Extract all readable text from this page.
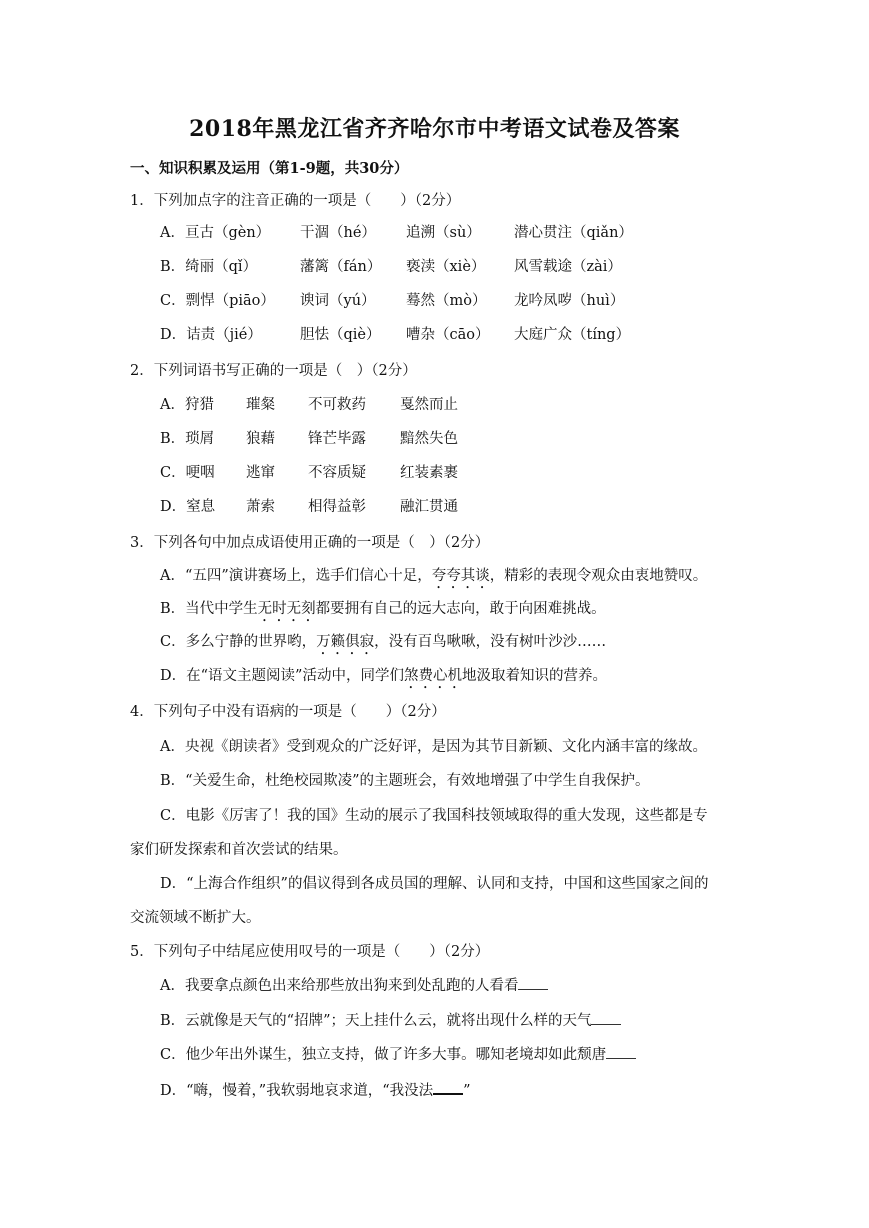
2018年黑龙江省齐齐哈尔市中考语文试卷及答案
一、知识积累及运用（第1-9题，共30分）
1．下列加点字的注音正确的一项是（　　）（2分）
A．亘古（gèn） 干涸（hé） 追溯（sù） 潜心贯注（qiǎn）
B．绮丽（qǐ）	藩篱（fán） 亵渎（xiè） 风雪载途（zài）
C．剽悍（piāo） 谀词（yú） 蓦然（mò） 龙吟凤哕（huì）
D．诘责（jié）	胆怯（qiè） 嘈杂（cāo） 大庭广众（tíng）
2．下列词语书写正确的一项是（　）（2分）
A．狩猎 璀粲 不可救药 戛然而止
B．琐屑 狼藉 锋芒毕露 黯然失色
C．哽咽 逃窜 不容质疑 红装素裹
D．窒息 萧索 相得益彰 融汇贯通
3．下列各句中加点成语使用正确的一项是（　）（2分）
A．“五四”演讲赛场上，选手们信心十足，夸夸其谈，精彩的表现令观众由衷地赞叹。
B．当代中学生无时无刻都要拥有自己的远大志向，敢于向困难挑战。
C．多么宁静的世界哟，万籁俱寂，没有百鸟啾啾，没有树叶沙沙……
D．在“语文主题阅读”活动中，同学们煞费心机地汲取着知识的营养。
4．下列句子中没有语病的一项是（　　）（2分）
A．央视《朗读者》受到观众的广泛好评，是因为其节目新颖、文化内涵丰富的缘故。
B．“关爱生命，杜绝校园欺凌”的主题班会，有效地增强了中学生自我保护。
C．电影《厉害了！我的国》生动的展示了我国科技领域取得的重大发现，这些都是专
家们研发探索和首次尝试的结果。
D．“上海合作组织”的倡议得到各成员国的理解、认同和支持，中国和这些国家之间的
交流领域不断扩大。
5．下列句子中结尾应使用叹号的一项是（　　）（2分）
A．我要拿点颜色出来给那些放出狗来到处乱跑的人看看
B．云就像是天气的“招牌”；天上挂什么云，就将出现什么样的天气
C．他少年出外谋生，独立支持，做了许多大事。哪知老境却如此颓唐
D．“嗨，慢着，”我软弱地哀求道，“我没法 ”
